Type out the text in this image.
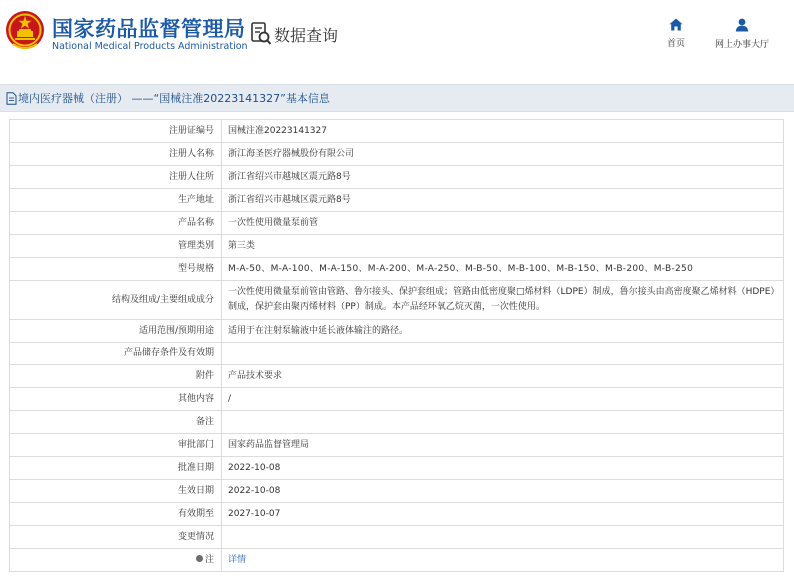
国家药品监督管理局
National Medical Products Administration
数据查询	首页	网上办事大厅
境内医疗器械（注册） ——“国械注准20223141327”基本信息
注册证编号	国械注准20223141327
注册人名称	浙江海圣医疗器械股份有限公司
注册人住所	浙江省绍兴市越城区震元路8号
生产地址	浙江省绍兴市越城区震元路8号
产品名称	一次性使用微量泵前管
管理类别	第三类
型号规格	M-A-50、M-A-100、M-A-150、M-A-200、M-A-250、M-B-50、M-B-100、M-B-150、M-B-200、M-B-250
结构及组成/主要组成成分	一次性使用微量泵前管由管路、鲁尔接头、保护套组成；管路由低密度聚□烯材料（LDPE）制成，鲁尔接头由高密度聚乙烯材料（HDPE）制成，保护套由聚丙烯材料（PP）制成。本产品经环氧乙烷灭菌，一次性使用。
适用范围/预期用途	适用于在注射泵输液中延长液体输注的路径。
产品储存条件及有效期	
附件	产品技术要求
其他内容	/
备注	
审批部门	国家药品监督管理局
批准日期	2022-10-08
生效日期	2022-10-08
有效期至	2027-10-07
变更情况	
注	详情
